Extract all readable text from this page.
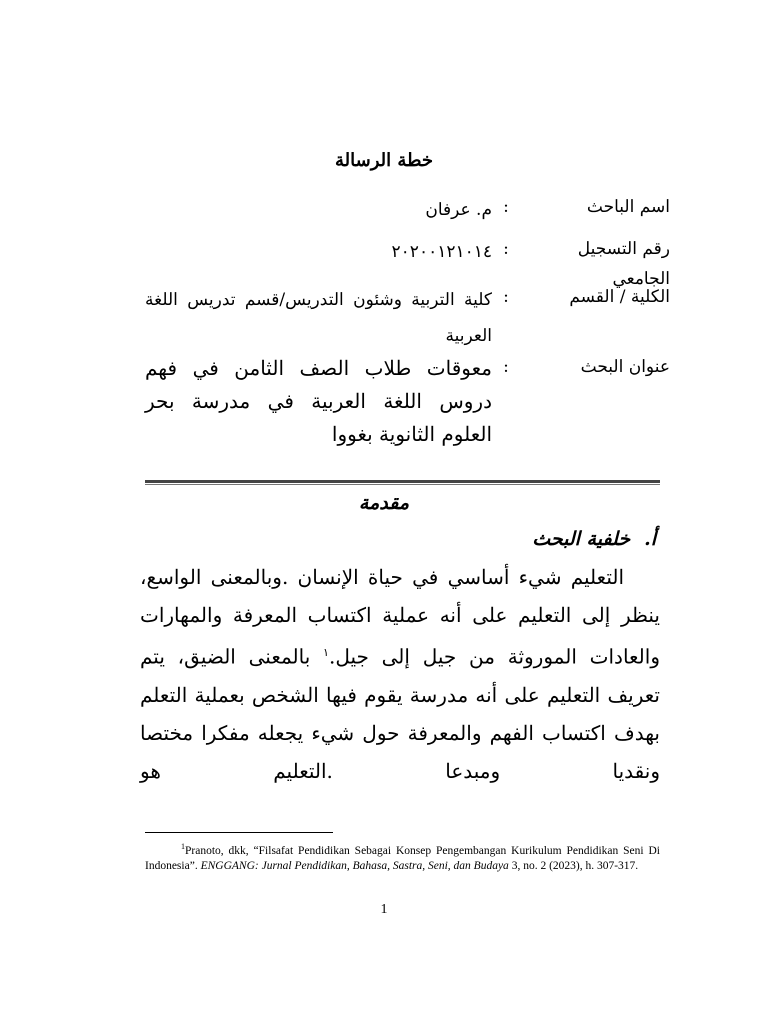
خطة الرسالة
اسم الباحث
:
م. عرفان
رقم التسجيل الجامعي
:
٢٠٢٠٠١٢١٠١٤
الكلية / القسم
:
كلية التربية وشئون التدريس/قسم تدريس اللغة العربية
عنوان البحث
:
معوقات طلاب الصف الثامن في فهم دروس اللغة العربية في مدرسة بحر العلوم الثانوية بغووا
مقدمة
أ.خلفية البحث
التعليم شيء أساسي في حياة الإنسان .وبالمعنى الواسع، ينظر إلى التعليم على أنه عملية اكتساب المعرفة والمهارات والعادات الموروثة من جيل إلى جيل.$^١$ بالمعنى الضيق، يتم تعريف التعليم على أنه مدرسة يقوم فيها الشخص بعملية التعلم بهدف اكتساب الفهم والمعرفة حول شيء يجعله مفكرا مختصا ونقديا ومبدعا .التعليم هو
$^1$Pranoto, dkk, “Filsafat Pendidikan Sebagai Konsep Pengembangan Kurikulum Pendidikan Seni Di Indonesia”. ENGGANG: Jurnal Pendidikan, Bahasa, Sastra, Seni, dan Budaya 3, no. 2 (2023), h. 307-317.
1
